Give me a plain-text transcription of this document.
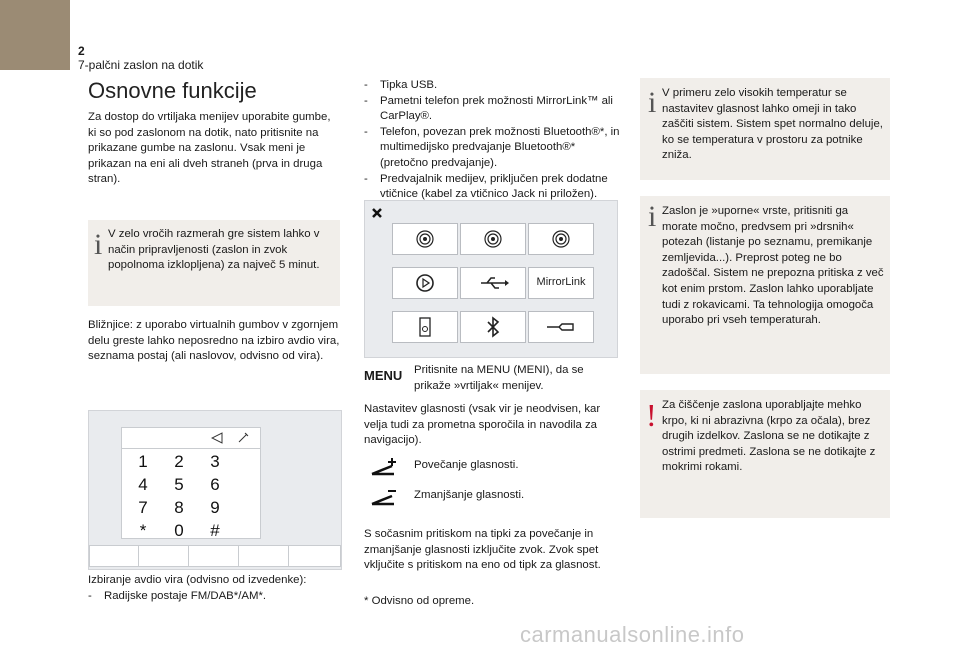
2
7-palčni zaslon na dotik
Osnovne funkcije

Za dostop do vrtiljaka menijev uporabite gumbe, ki so pod zaslonom na dotik, nato pritisnite na prikazane gumbe na zaslonu. Vsak meni je prikazan na eni ali dveh straneh (prva in druga stran).

i V zelo vročih razmerah gre sistem lahko v način pripravljenosti (zaslon in zvok popolnoma izklopljena) za največ 5 minut.

Bližnjice: z uporabo virtualnih gumbov v zgornjem delu greste lahko neposredno na izbiro avdio vira, seznama postaj (ali naslovov, odvisno od vira).

1	2	3
4	5	6
7	8	9
*	0	#

Izbiranje avdio vira (odvisno od izvedenke):

- Radijske postaje FM/DAB*/AM*.
- Tipka USB.
- Pametni telefon prek možnosti MirrorLink™ ali CarPlay®.
- Telefon, povezan prek možnosti Bluetooth®*, in multimedijsko predvajanje Bluetooth®* (pretočno predvajanje).
- Predvajalnik medijev, priključen prek dodatne vtičnice (kabel za vtičnico Jack ni priložen).
MirrorLink
MENU Pritisnite na MENU (MENI), da se prikaže »vrtiljak« menijev.
Nastavitev glasnosti (vsak vir je neodvisen, kar velja tudi za prometna sporočila in navodila za navigacijo).
Povečanje glasnosti.
Zmanjšanje glasnosti.
S sočasnim pritiskom na tipki za povečanje in zmanjšanje glasnosti izključite zvok. Zvok spet vključite s pritiskom na eno od tipk za glasnost.
* Odvisno od opreme.
i V primeru zelo visokih temperatur se nastavitev glasnost lahko omeji in tako zaščiti sistem. Sistem spet normalno deluje, ko se temperatura v prostoru za potnike zniža.
i Zaslon je »uporne« vrste, pritisniti ga morate močno, predvsem pri »drsnih« potezah (listanje po seznamu, premikanje zemljevida...). Preprost poteg ne bo zadoščal. Sistem ne prepozna pritiska z več kot enim prstom. Zaslon lahko uporabljate tudi z rokavicami. Ta tehnologija omogoča uporabo pri vseh temperaturah.
! Za čiščenje zaslona uporabljajte mehko krpo, ki ni abrazivna (krpo za očala), brez drugih izdelkov. Zaslona se ne dotikajte z ostrimi predmeti. Zaslona se ne dotikajte z mokrimi rokami.
carmanualsonline.info
